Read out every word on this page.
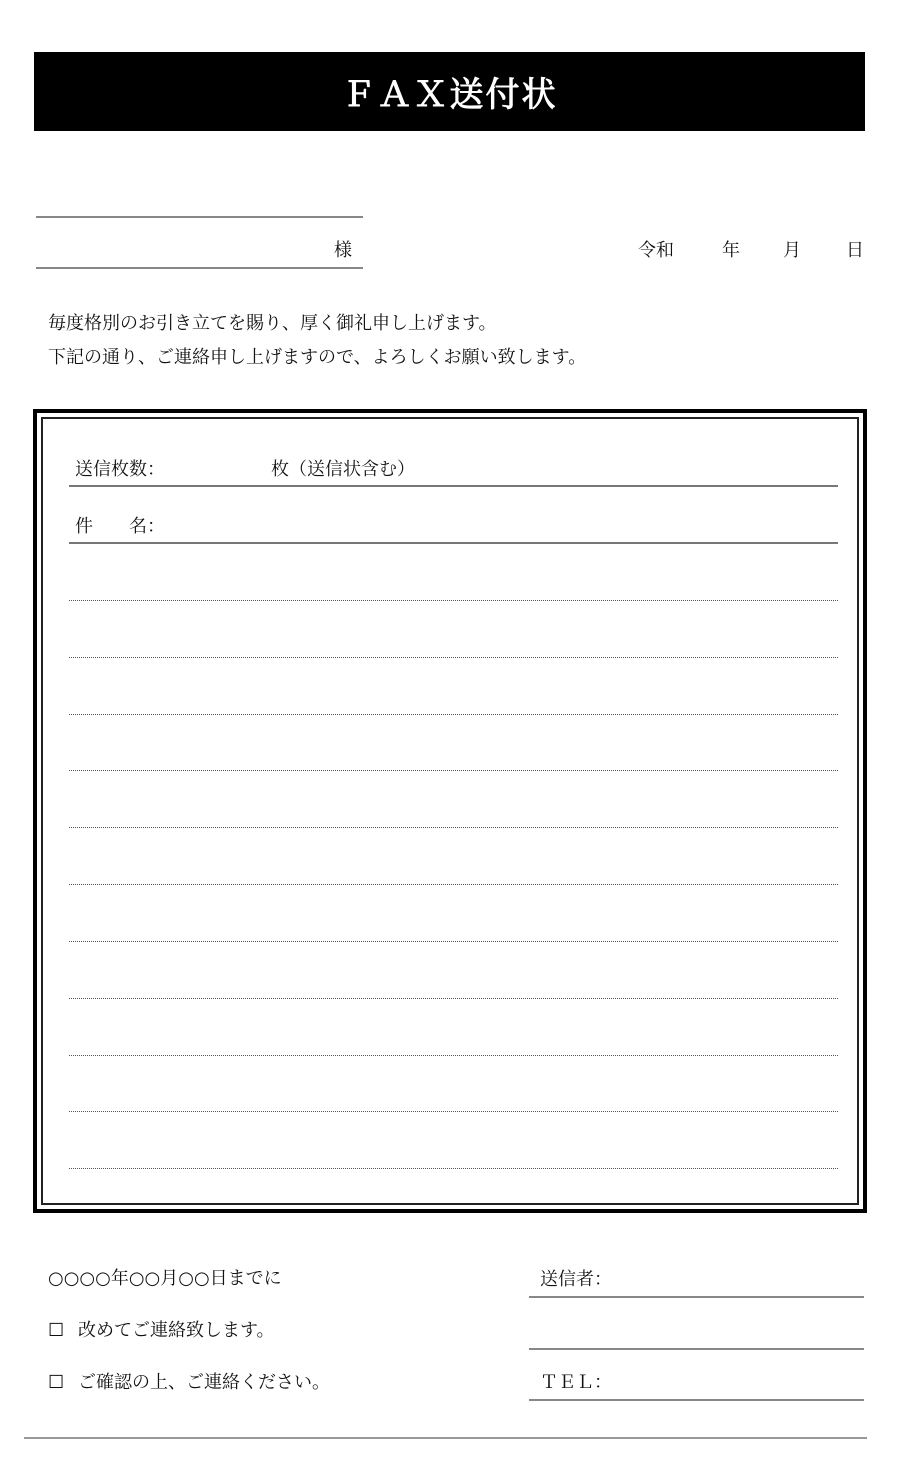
ＦＡＸ送付状
様	令和	年 月	日
毎度格別のお引き立てを賜り、厚く御礼申し上げます。
下記の通り、ご連絡申し上げますので、よろしくお願い致します。
送信枚数：	枚（送信状含む）
件　　名：
○○○○年○○月○○日までに
☐ 改めてご連絡致します。
☐ ご確認の上、ご連絡ください。
送信者：
ＴＥＬ：
